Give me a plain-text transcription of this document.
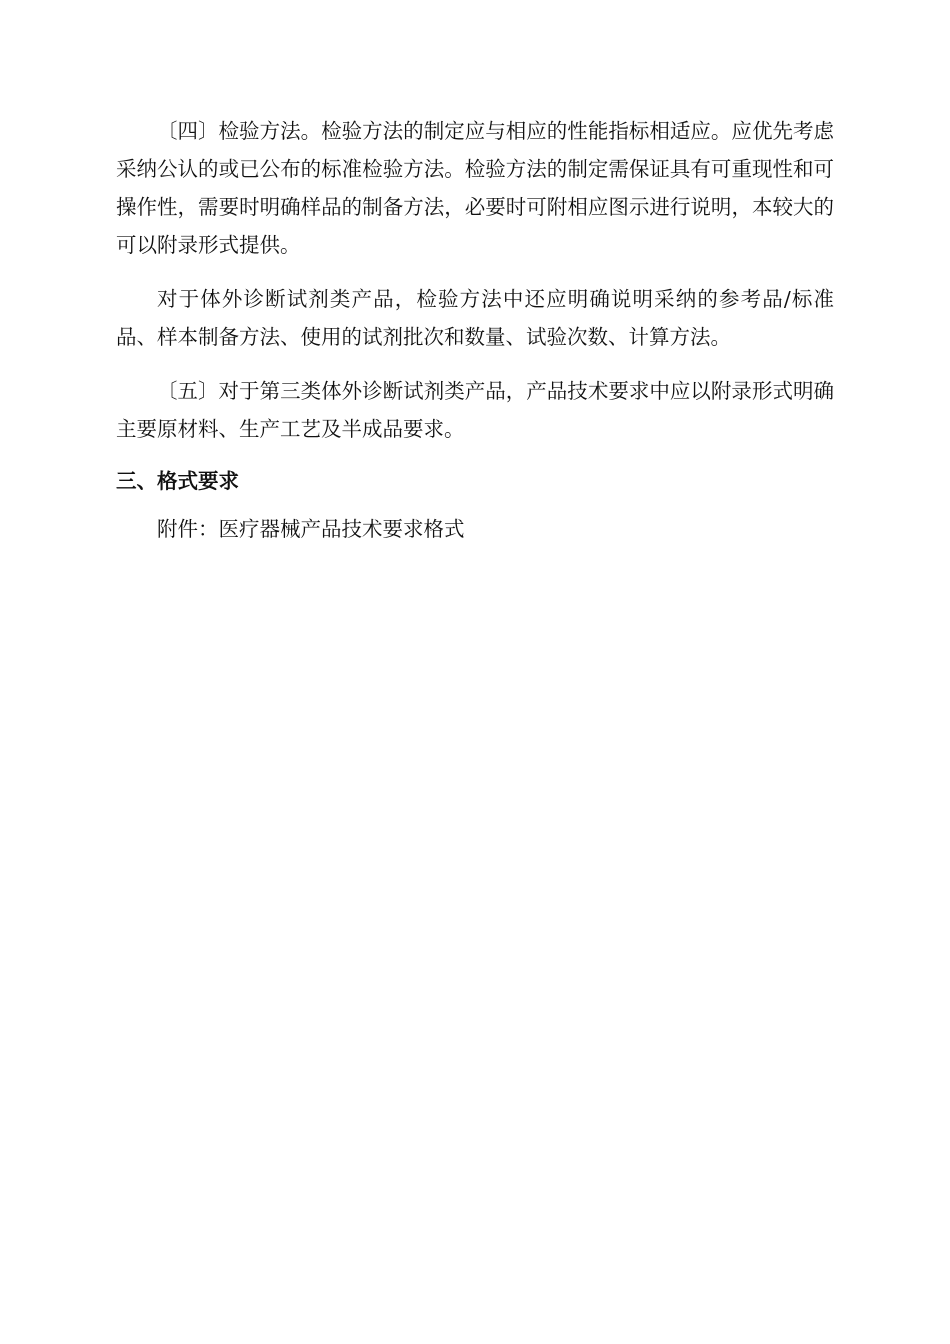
〔四〕检验方法。检验方法的制定应与相应的性能指标相适应。应优先考虑采纳公认的或已公布的标准检验方法。检验方法的制定需保证具有可重现性和可操作性，需要时明确样品的制备方法，必要时可附相应图示进行说明，本较大的可以附录形式提供。

对于体外诊断试剂类产品，检验方法中还应明确说明采纳的参考品/标准品、样本制备方法、使用的试剂批次和数量、试验次数、计算方法。

〔五〕对于第三类体外诊断试剂类产品，产品技术要求中应以附录形式明确主要原材料、生产工艺及半成品要求。

三、格式要求

附件：医疗器械产品技术要求格式
